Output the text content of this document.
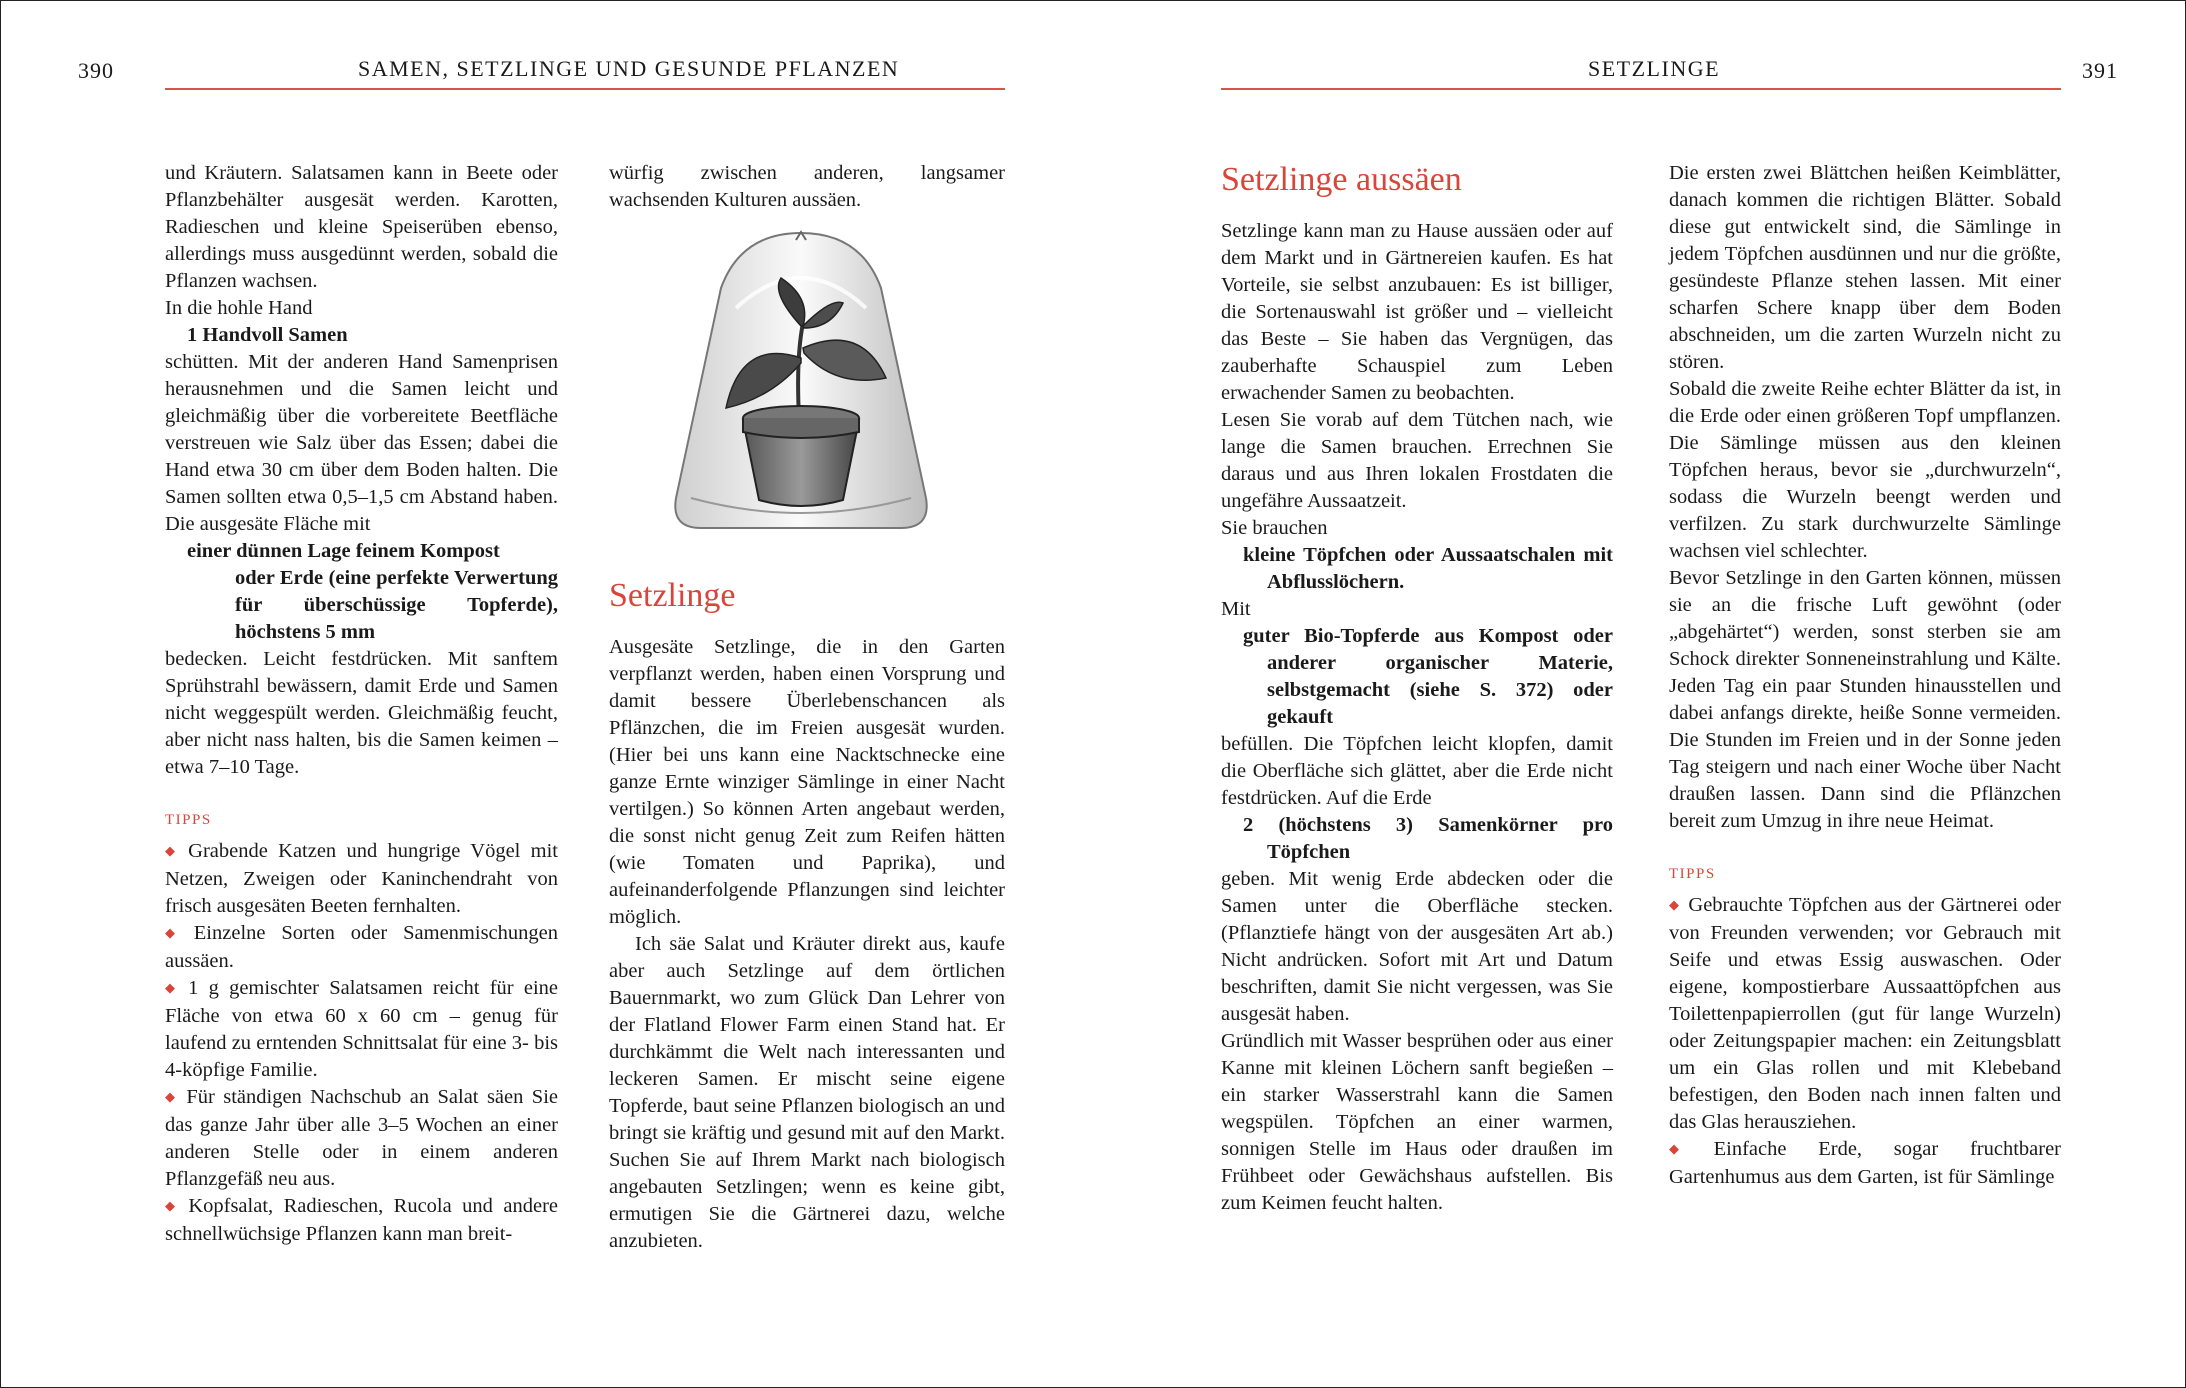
390	SAMEN, SETZLINGE UND GESUNDE PFLANZEN

und Kräutern. Salatsamen kann in Beete oder Pflanzbehälter ausgesät werden. Karotten, Radieschen und kleine Speiserüben ebenso, allerdings muss ausgedünnt werden, sobald die Pflanzen wachsen.

In die hohle Hand

1 Handvoll Samen

schütten. Mit der anderen Hand Samenprisen herausnehmen und die Samen leicht und gleichmäßig über die vorbereitete Beetfläche verstreuen wie Salz über das Essen; dabei die Hand etwa 30 cm über dem Boden halten. Die Samen sollten etwa 0,5–1,5 cm Abstand haben. Die ausgesäte Fläche mit

einer dünnen Lage feinem Kompost

oder Erde (eine perfekte Verwertung für überschüssige Topferde), höchstens 5 mm

bedecken. Leicht festdrücken. Mit sanftem Sprühstrahl bewässern, damit Erde und Samen nicht weggespült werden. Gleichmäßig feucht, aber nicht nass halten, bis die Samen keimen – etwa 7–10 Tage.

TIPPS

◆ Grabende Katzen und hungrige Vögel mit Netzen, Zweigen oder Kaninchendraht von frisch ausgesäten Beeten fernhalten.

◆ Einzelne Sorten oder Samenmischungen aussäen.

◆ 1 g gemischter Salatsamen reicht für eine Fläche von etwa 60 x 60 cm – genug für laufend zu erntenden Schnittsalat für eine 3- bis 4-köpfige Familie.

◆ Für ständigen Nachschub an Salat säen Sie das ganze Jahr über alle 3–5 Wochen an einer anderen Stelle oder in einem anderen Pflanzgefäß neu aus.

◆ Kopfsalat, Radieschen, Rucola und andere schnellwüchsige Pflanzen kann man breit-

würfig zwischen anderen, langsamer wachsenden Kulturen aussäen.

Setzlinge

Ausgesäte Setzlinge, die in den Garten verpflanzt werden, haben einen Vorsprung und damit bessere Überlebenschancen als Pflänzchen, die im Freien ausgesät wurden. (Hier bei uns kann eine Nacktschnecke eine ganze Ernte winziger Sämlinge in einer Nacht vertilgen.) So können Arten angebaut werden, die sonst nicht genug Zeit zum Reifen hätten (wie Tomaten und Paprika), und aufeinanderfolgende Pflanzungen sind leichter möglich.

Ich säe Salat und Kräuter direkt aus, kaufe aber auch Setzlinge auf dem örtlichen Bauernmarkt, wo zum Glück Dan Lehrer von der Flatland Flower Farm einen Stand hat. Er durchkämmt die Welt nach interessanten und leckeren Samen. Er mischt seine eigene Topferde, baut seine Pflanzen biologisch an und bringt sie kräftig und gesund mit auf den Markt. Suchen Sie auf Ihrem Markt nach biologisch angebauten Setzlingen; wenn es keine gibt, ermutigen Sie die Gärtnerei dazu, welche anzubieten.

SETZLINGE	391
Setzlinge aussäen

Setzlinge kann man zu Hause aussäen oder auf dem Markt und in Gärtnereien kaufen. Es hat Vorteile, sie selbst anzubauen: Es ist billiger, die Sortenauswahl ist größer und – vielleicht das Beste – Sie haben das Vergnügen, das zauberhafte Schauspiel zum Leben erwachender Samen zu beobachten.

Lesen Sie vorab auf dem Tütchen nach, wie lange die Samen brauchen. Errechnen Sie daraus und aus Ihren lokalen Frostdaten die ungefähre Aussaatzeit.

Sie brauchen

kleine Töpfchen oder Aussaatschalen mit Abflusslöchern.

Mit

guter Bio-Topferde aus Kompost oder anderer organischer Materie, selbstgemacht (siehe S. 372) oder gekauft

befüllen. Die Töpfchen leicht klopfen, damit die Oberfläche sich glättet, aber die Erde nicht festdrücken. Auf die Erde

2 (höchstens 3) Samenkörner pro Töpfchen

geben. Mit wenig Erde abdecken oder die Samen unter die Oberfläche stecken. (Pflanztiefe hängt von der ausgesäten Art ab.) Nicht andrücken. Sofort mit Art und Datum beschriften, damit Sie nicht vergessen, was Sie ausgesät haben.

Gründlich mit Wasser besprühen oder aus einer Kanne mit kleinen Löchern sanft begießen – ein starker Wasserstrahl kann die Samen wegspülen. Töpfchen an einer warmen, sonnigen Stelle im Haus oder draußen im Frühbeet oder Gewächshaus aufstellen. Bis zum Keimen feucht halten.

Die ersten zwei Blättchen heißen Keimblätter, danach kommen die richtigen Blätter. Sobald diese gut entwickelt sind, die Sämlinge in jedem Töpfchen ausdünnen und nur die größte, gesündeste Pflanze stehen lassen. Mit einer scharfen Schere knapp über dem Boden abschneiden, um die zarten Wurzeln nicht zu stören.

Sobald die zweite Reihe echter Blätter da ist, in die Erde oder einen größeren Topf umpflanzen. Die Sämlinge müssen aus den kleinen Töpfchen heraus, bevor sie „durchwurzeln“, sodass die Wurzeln beengt werden und verfilzen. Zu stark durchwurzelte Sämlinge wachsen viel schlechter.

Bevor Setzlinge in den Garten können, müssen sie an die frische Luft gewöhnt (oder „abgehärtet“) werden, sonst sterben sie am Schock direkter Sonneneinstrahlung und Kälte. Jeden Tag ein paar Stunden hinausstellen und dabei anfangs direkte, heiße Sonne vermeiden. Die Stunden im Freien und in der Sonne jeden Tag steigern und nach einer Woche über Nacht draußen lassen. Dann sind die Pflänzchen bereit zum Umzug in ihre neue Heimat.

TIPPS

◆ Gebrauchte Töpfchen aus der Gärtnerei oder von Freunden verwenden; vor Gebrauch mit Seife und etwas Essig auswaschen. Oder eigene, kompostierbare Aussaattöpfchen aus Toilettenpapierrollen (gut für lange Wurzeln) oder Zeitungspapier machen: ein Zeitungsblatt um ein Glas rollen und mit Klebeband befestigen, den Boden nach innen falten und das Glas herausziehen.

◆ Einfache Erde, sogar fruchtbarer Gartenhumus aus dem Garten, ist für Sämlinge
